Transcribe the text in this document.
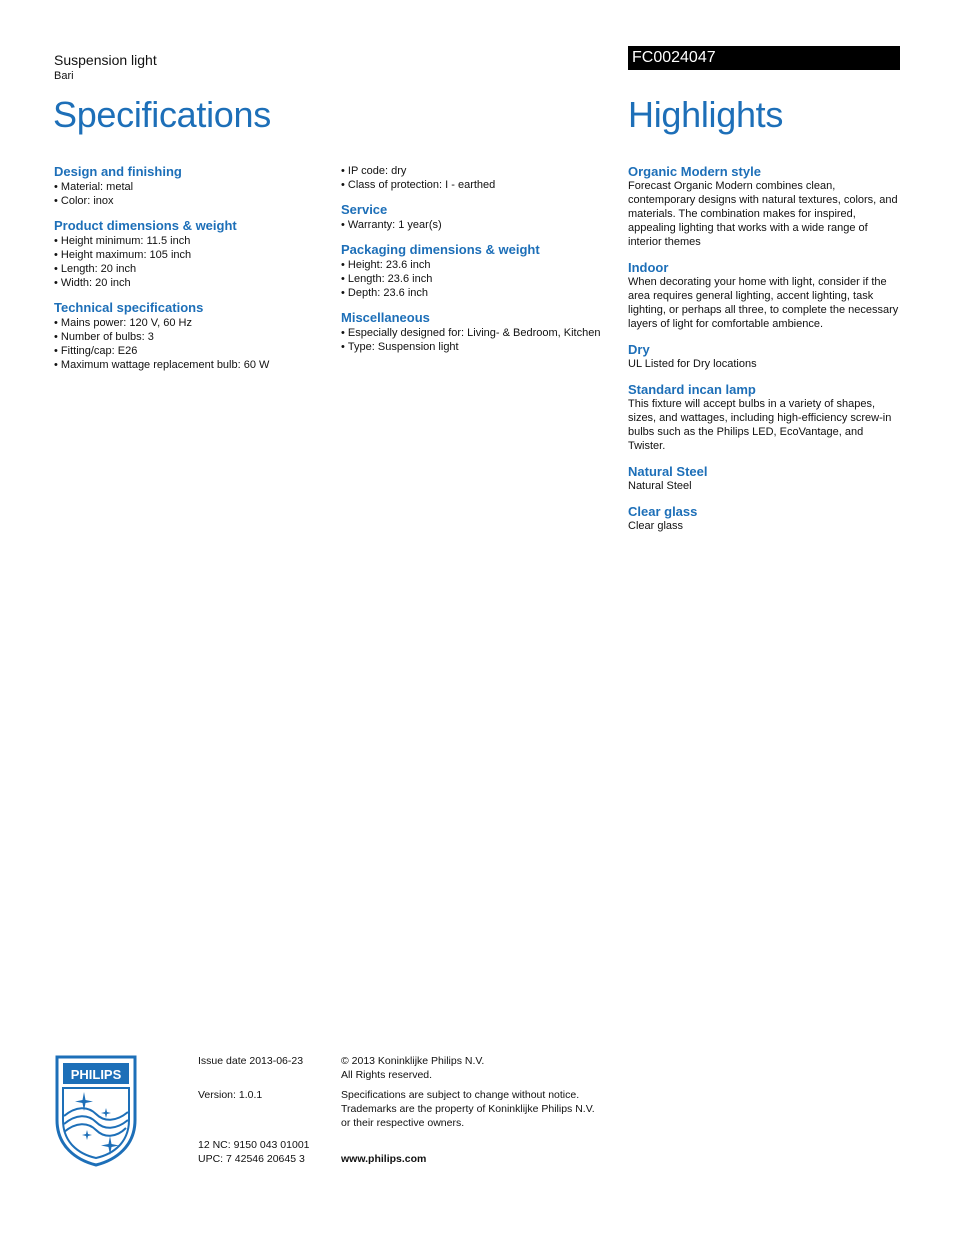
Suspension light
Bari
FC0024047
Specifications	Highlights
Design and finishing
• Material: metal
• Color: inox
Product dimensions & weight
• Height minimum: 11.5 inch
• Height maximum: 105 inch
• Length: 20 inch
• Width: 20 inch
Technical specifications
• Mains power: 120 V, 60 Hz
• Number of bulbs: 3
• Fitting/cap: E26
• Maximum wattage replacement bulb: 60 W
• IP code: dry
• Class of protection: I - earthed
Service
• Warranty: 1 year(s)
Packaging dimensions & weight
• Height: 23.6 inch
• Length: 23.6 inch
• Depth: 23.6 inch
Miscellaneous
• Especially designed for: Living- & Bedroom, Kitchen
• Type: Suspension light
Organic Modern style
Forecast Organic Modern combines clean, contemporary designs with natural textures, colors, and materials. The combination makes for inspired, appealing lighting that works with a wide range of interior themes
Indoor
When decorating your home with light, consider if the area requires general lighting, accent lighting, task lighting, or perhaps all three, to complete the necessary layers of light for comfortable ambience.
Dry
UL Listed for Dry locations
Standard incan lamp
This fixture will accept bulbs in a variety of shapes, sizes, and wattages, including high-efficiency screw-in bulbs such as the Philips LED, EcoVantage, and Twister.
Natural Steel
Natural Steel
Clear glass
Clear glass
PHILIPS
Issue date 2013-06-23
Version: 1.0.1
12 NC: 9150 043 01001
UPC: 7 42546 20645 3
© 2013 Koninklijke Philips N.V.
All Rights reserved.
Specifications are subject to change without notice.
Trademarks are the property of Koninklijke Philips N.V.
or their respective owners.
www.philips.com
